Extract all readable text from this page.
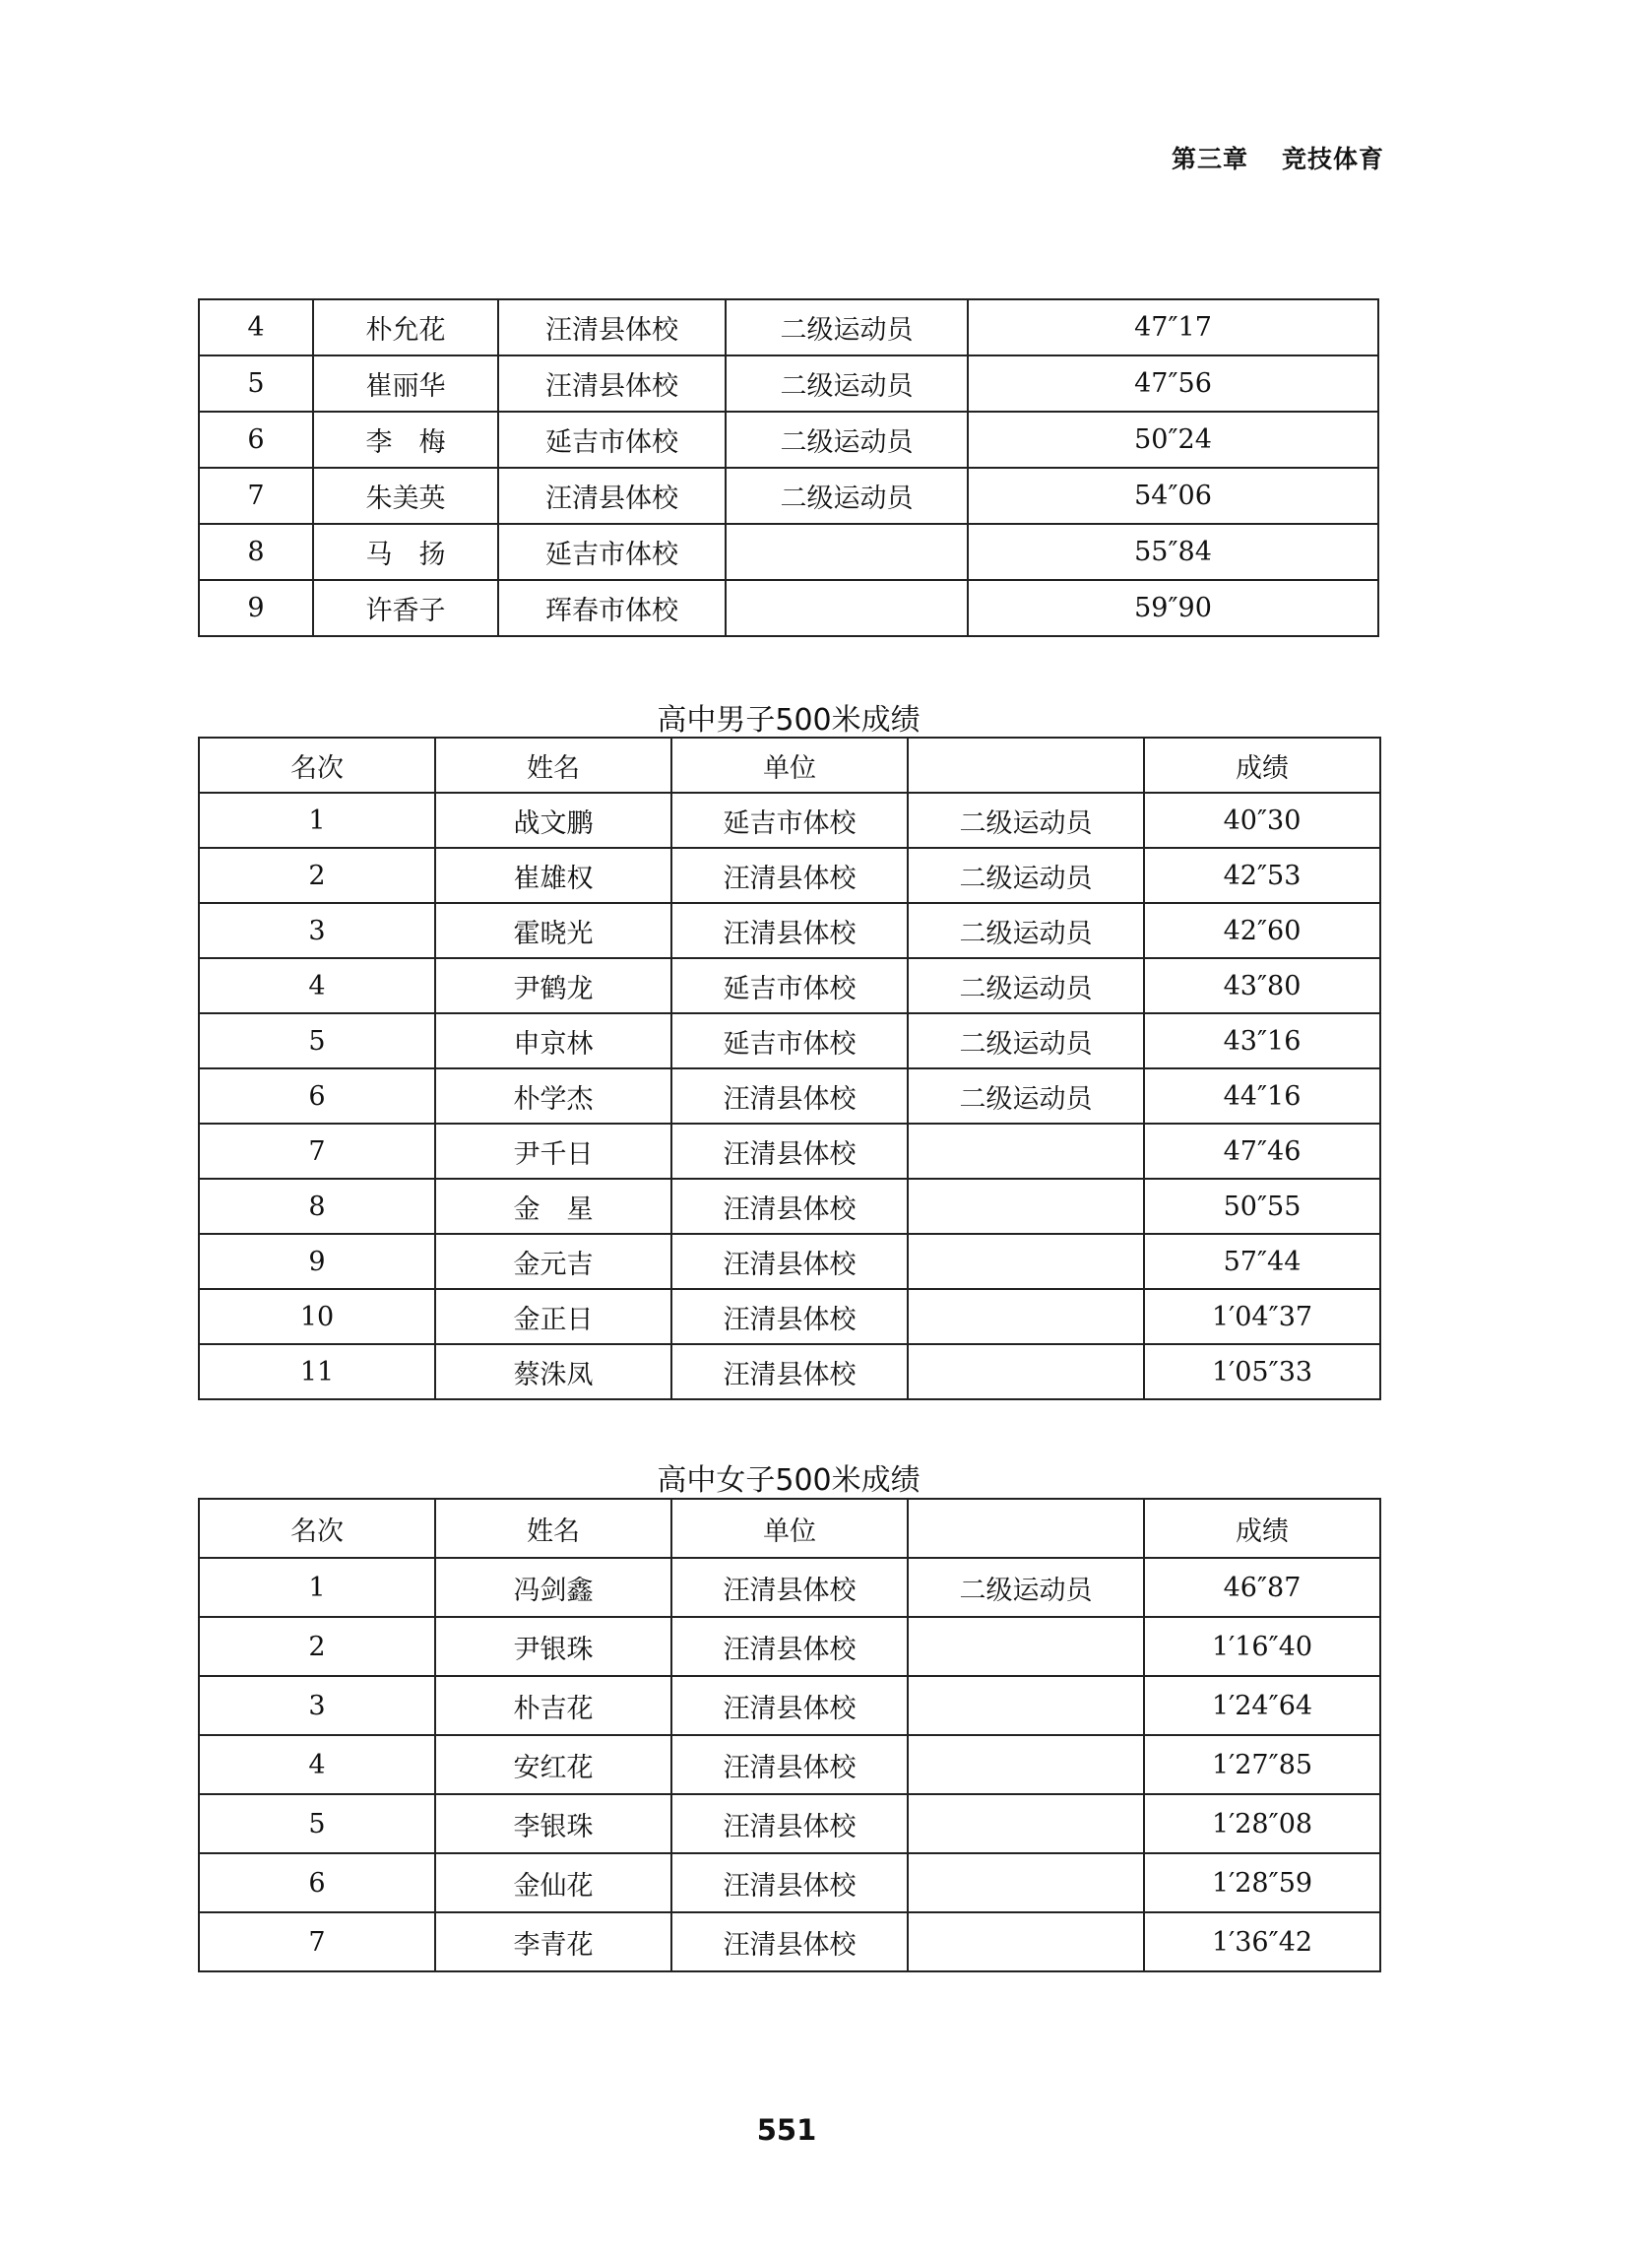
第三章 竞技体育
4	朴允花	汪清县体校	二级运动员	47″17
5	崔丽华	汪清县体校	二级运动员	47″56
6	李　梅	延吉市体校	二级运动员	50″24
7	朱美英	汪清县体校	二级运动员	54″06
8	马　扬	延吉市体校		55″84
9	许香子	珲春市体校		59″90
高中男子500米成绩
名次	姓名	单位		成绩
1	战文鹏	延吉市体校	二级运动员	40″30
2	崔雄权	汪清县体校	二级运动员	42″53
3	霍晓光	汪清县体校	二级运动员	42″60
4	尹鹤龙	延吉市体校	二级运动员	43″80
5	申京林	延吉市体校	二级运动员	43″16
6	朴学杰	汪清县体校	二级运动员	44″16
7	尹千日	汪清县体校		47″46
8	金　星	汪清县体校		50″55
9	金元吉	汪清县体校		57″44
10	金正日	汪清县体校		1′04″37
11	蔡洙凤	汪清县体校		1′05″33
高中女子500米成绩
名次	姓名	单位		成绩
1	冯剑鑫	汪清县体校	二级运动员	46″87
2	尹银珠	汪清县体校		1′16″40
3	朴吉花	汪清县体校		1′24″64
4	安红花	汪清县体校		1′27″85
5	李银珠	汪清县体校		1′28″08
6	金仙花	汪清县体校		1′28″59
7	李青花	汪清县体校		1′36″42
551
